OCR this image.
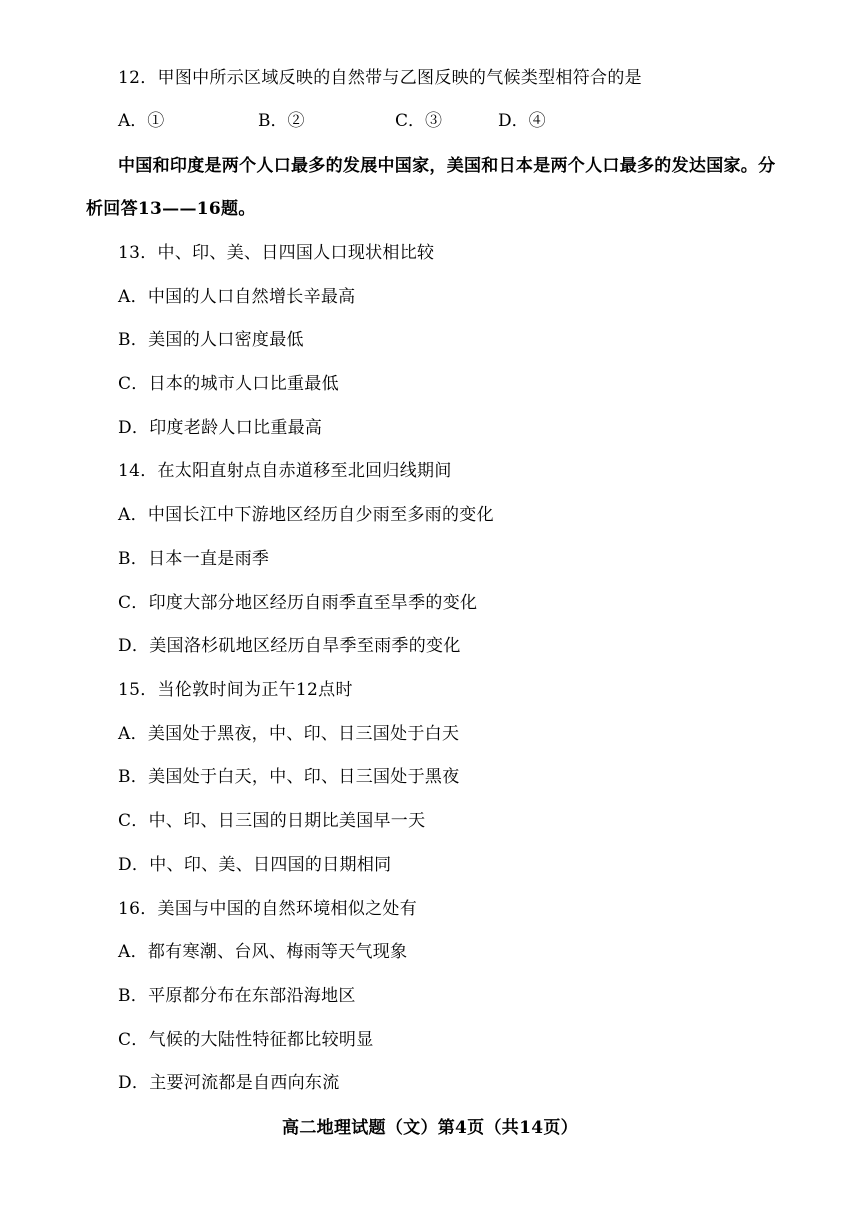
12．甲图中所示区域反映的自然带与乙图反映的气候类型相符合的是
A．①	B．②	C．③	D．④
中国和印度是两个人口最多的发展中国家，美国和日本是两个人口最多的发达国家。分
析回答13——16题。
13．中、印、美、日四国人口现状相比较
A．中国的人口自然增长辛最高
B．美国的人口密度最低
C．日本的城市人口比重最低
D．印度老龄人口比重最高
14．在太阳直射点自赤道移至北回归线期间
A．中国长江中下游地区经历自少雨至多雨的变化
B．日本一直是雨季
C．印度大部分地区经历自雨季直至旱季的变化
D．美国洛杉矶地区经历自旱季至雨季的变化
15．当伦敦时间为正午12点时
A．美国处于黑夜，中、印、日三国处于白天
B．美国处于白天，中、印、日三国处于黑夜
C．中、印、日三国的日期比美国早一天
D．中、印、美、日四国的日期相同
16．美国与中国的自然环境相似之处有
A．都有寒潮、台风、梅雨等天气现象
B．平原都分布在东部沿海地区
C．气候的大陆性特征都比较明显
D．主要河流都是自西向东流
高二地理试题（文）第4页（共14页）
